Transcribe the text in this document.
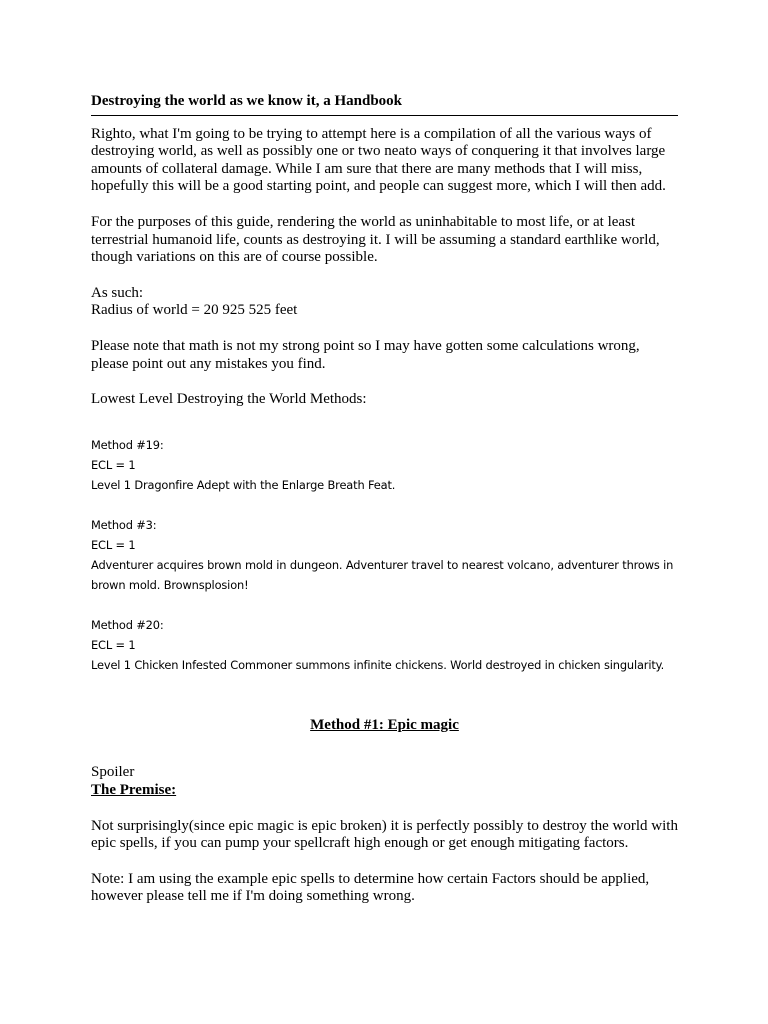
Destroying the world as we know it, a Handbook

Righto, what I'm going to be trying to attempt here is a compilation of all the various ways of destroying world, as well as possibly one or two neato ways of conquering it that involves large amounts of collateral damage. While I am sure that there are many methods that I will miss, hopefully this will be a good starting point, and people can suggest more, which I will then add.

For the purposes of this guide, rendering the world as uninhabitable to most life, or at least terrestrial humanoid life, counts as destroying it. I will be assuming a standard earthlike world, though variations on this are of course possible.

As such:

Radius of world = 20 925 525 feet

Please note that math is not my strong point so I may have gotten some calculations wrong, please point out any mistakes you find.

Lowest Level Destroying the World Methods:

Method #19:

ECL = 1

Level 1 Dragonfire Adept with the Enlarge Breath Feat.

Method #3:

ECL = 1

Adventurer acquires brown mold in dungeon. Adventurer travel to nearest volcano, adventurer throws in brown mold. Brownsplosion!

Method #20:

ECL = 1

Level 1 Chicken Infested Commoner summons infinite chickens. World destroyed in chicken singularity.

Method #1: Epic magic

Spoiler

The Premise:

Not surprisingly(since epic magic is epic broken) it is perfectly possibly to destroy the world with epic spells, if you can pump your spellcraft high enough or get enough mitigating factors.

Note: I am using the example epic spells to determine how certain Factors should be applied, however please tell me if I'm doing something wrong.
